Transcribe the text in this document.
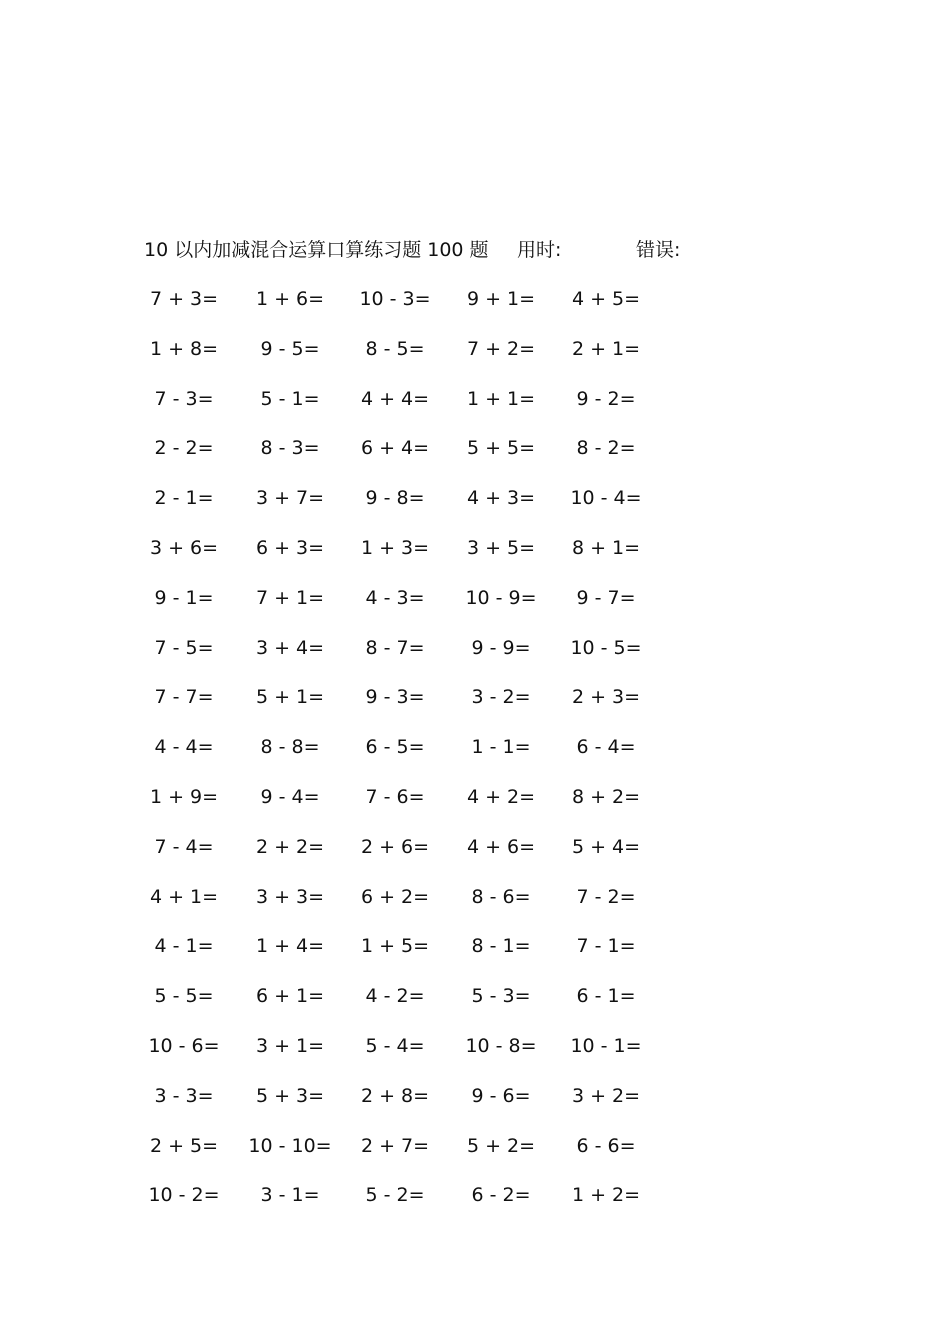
10 以内加减混合运算口算练习题 100 题 用时:	错误:
7 + 3=	1 + 6=	10 - 3=	9 + 1=	4 + 5=
1 + 8=	9 - 5=	8 - 5=	7 + 2=	2 + 1=
7 - 3=	5 - 1=	4 + 4=	1 + 1=	9 - 2=
2 - 2=	8 - 3=	6 + 4=	5 + 5=	8 - 2=
2 - 1=	3 + 7=	9 - 8=	4 + 3=	10 - 4=
3 + 6=	6 + 3=	1 + 3=	3 + 5=	8 + 1=
9 - 1=	7 + 1=	4 - 3=	10 - 9=	9 - 7=
7 - 5=	3 + 4=	8 - 7=	9 - 9=	10 - 5=
7 - 7=	5 + 1=	9 - 3=	3 - 2=	2 + 3=
4 - 4=	8 - 8=	6 - 5=	1 - 1=	6 - 4=
1 + 9=	9 - 4=	7 - 6=	4 + 2=	8 + 2=
7 - 4=	2 + 2=	2 + 6=	4 + 6=	5 + 4=
4 + 1=	3 + 3=	6 + 2=	8 - 6=	7 - 2=
4 - 1=	1 + 4=	1 + 5=	8 - 1=	7 - 1=
5 - 5=	6 + 1=	4 - 2=	5 - 3=	6 - 1=
10 - 6=	3 + 1=	5 - 4=	10 - 8=	10 - 1=
3 - 3=	5 + 3=	2 + 8=	9 - 6=	3 + 2=
2 + 5=	10 - 10=	2 + 7=	5 + 2=	6 - 6=
10 - 2=	3 - 1=	5 - 2=	6 - 2=	1 + 2=
